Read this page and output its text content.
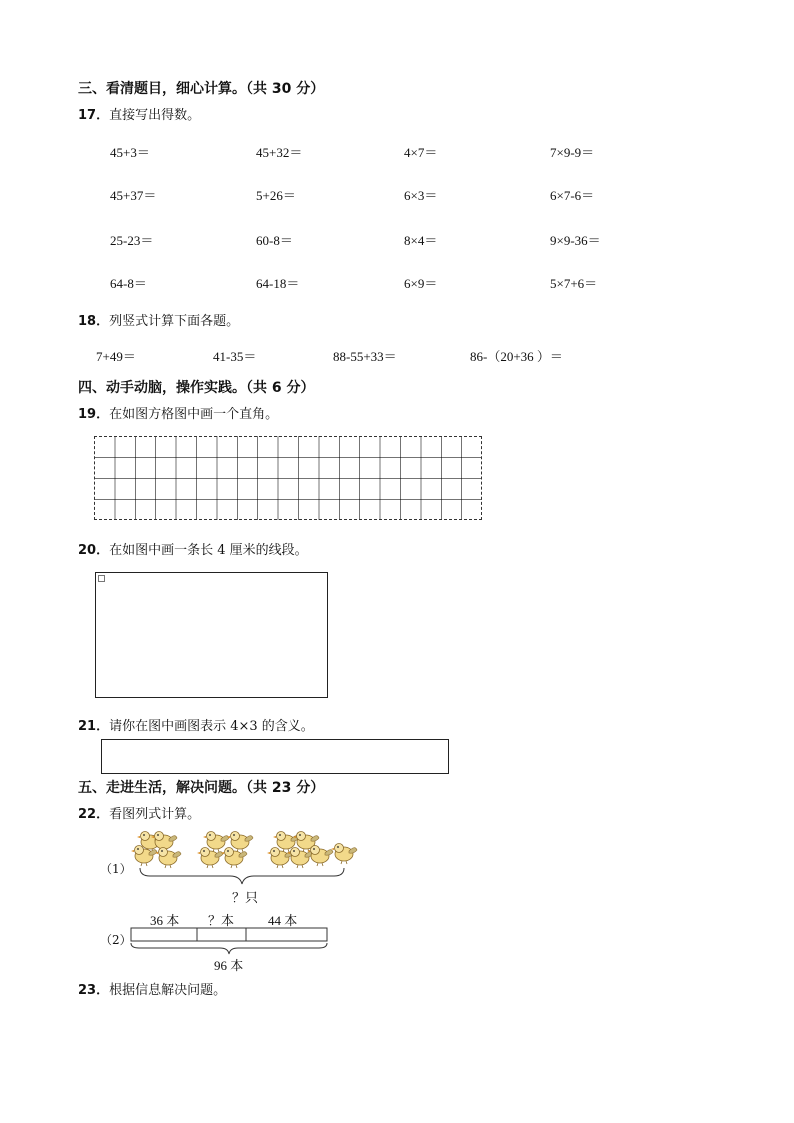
三、看清题目，细心计算。（共 30 分）
17．直接写出得数。
45+3＝	45+32＝	4×7＝	7×9-9＝
45+37＝	5+26＝	6×3＝	6×7-6＝
25-23＝	60-8＝	8×4＝	9×9-36＝
64-8＝	64-18＝	6×9＝	5×7+6＝
18．列竖式计算下面各题。
7+49＝	41-35＝	88-55+33＝	86-（20+36 ）＝
四、动手动脑，操作实践。（共 6 分）
19．在如图方格图中画一个直角。
20．在如图中画一条长 4 厘米的线段。
21．请你在图中画图表示 4×3 的含义。
五、走进生活，解决问题。（共 23 分）
22．看图列式计算。
（1）
？只
（2）
36 本 ？本	44 本
96 本
23．根据信息解决问题。
